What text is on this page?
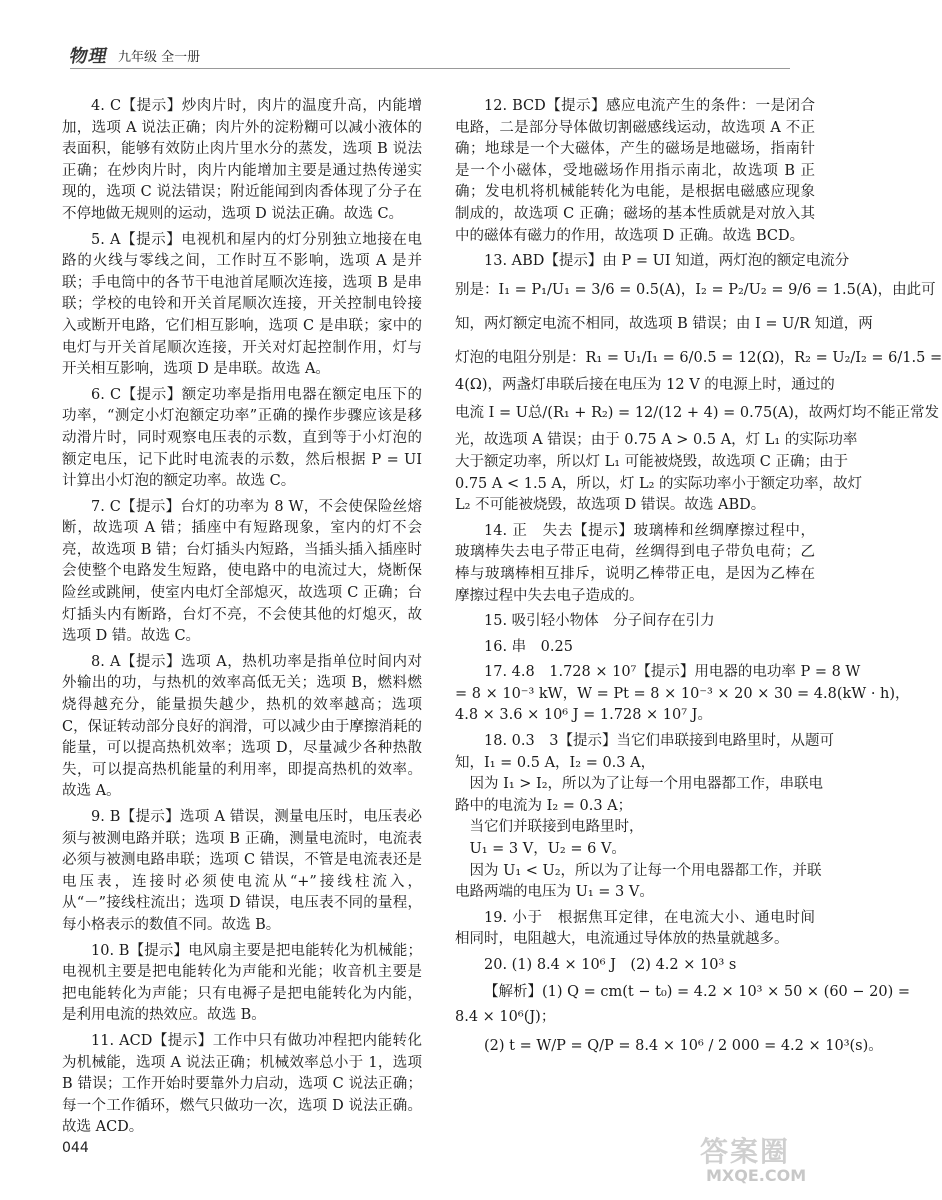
物理 九年级 全一册

4. C【提示】炒肉片时，肉片的温度升高，内能增加，选项 A 说法正确；肉片外的淀粉糊可以减小液体的表面积，能够有效防止肉片里水分的蒸发，选项 B 说法正确；在炒肉片时，肉片内能增加主要是通过热传递实现的，选项 C 说法错误；附近能闻到肉香体现了分子在不停地做无规则的运动，选项 D 说法正确。故选 C。

5. A【提示】电视机和屋内的灯分别独立地接在电路的火线与零线之间，工作时互不影响，选项 A 是并联；手电筒中的各节干电池首尾顺次连接，选项 B 是串联；学校的电铃和开关首尾顺次连接，开关控制电铃接入或断开电路，它们相互影响，选项 C 是串联；家中的电灯与开关首尾顺次连接，开关对灯起控制作用，灯与开关相互影响，选项 D 是串联。故选 A。

6. C【提示】额定功率是指用电器在额定电压下的功率，“测定小灯泡额定功率”正确的操作步骤应该是移动滑片时，同时观察电压表的示数，直到等于小灯泡的额定电压，记下此时电流表的示数，然后根据 P = UI 计算出小灯泡的额定功率。故选 C。

7. C【提示】台灯的功率为 8 W，不会使保险丝熔断，故选项 A 错；插座中有短路现象，室内的灯不会亮，故选项 B 错；台灯插头内短路，当插头插入插座时会使整个电路发生短路，使电路中的电流过大，烧断保险丝或跳闸，使室内电灯全部熄灭，故选项 C 正确；台灯插头内有断路，台灯不亮，不会使其他的灯熄灭，故选项 D 错。故选 C。

8. A【提示】选项 A，热机功率是指单位时间内对外输出的功，与热机的效率高低无关；选项 B，燃料燃烧得越充分，能量损失越少，热机的效率越高；选项 C，保证转动部分良好的润滑，可以减少由于摩擦消耗的能量，可以提高热机效率；选项 D，尽量减少各种热散失，可以提高热机能量的利用率，即提高热机的效率。故选 A。

9. B【提示】选项 A 错误，测量电压时，电压表必须与被测电路并联；选项 B 正确，测量电流时，电流表必须与被测电路串联；选项 C 错误，不管是电流表还是电压表，连接时必须使电流从“+”接线柱流入，从“－”接线柱流出；选项 D 错误，电压表不同的量程，每小格表示的数值不同。故选 B。

10. B【提示】电风扇主要是把电能转化为机械能；电视机主要是把电能转化为声能和光能；收音机主要是把电能转化为声能；只有电褥子是把电能转化为内能，是利用电流的热效应。故选 B。

11. ACD【提示】工作中只有做功冲程把内能转化为机械能，选项 A 说法正确；机械效率总小于 1，选项 B 错误；工作开始时要靠外力启动，选项 C 说法正确；每一个工作循环，燃气只做功一次，选项 D 说法正确。故选 ACD。

12. BCD【提示】感应电流产生的条件：一是闭合电路，二是部分导体做切割磁感线运动，故选项 A 不正确；地球是一个大磁体，产生的磁场是地磁场，指南针是一个小磁体，受地磁场作用指示南北，故选项 B 正确；发电机将机械能转化为电能，是根据电磁感应现象制成的，故选项 C 正确；磁场的基本性质就是对放入其中的磁体有磁力的作用，故选项 D 正确。故选 BCD。

13. ABD【提示】由 P = UI 知道，两灯泡的额定电流分

别是：I₁ = P₁/U₁ = 3/6 = 0.5(A)，I₂ = P₂/U₂ = 9/6 = 1.5(A)，由此可

知，两灯额定电流不相同，故选项 B 错误；由 I = U/R 知道，两

灯泡的电阻分别是：R₁ = U₁/I₁ = 6/0.5 = 12(Ω)，R₂ = U₂/I₂ = 6/1.5 =

4(Ω)，两盏灯串联后接在电压为 12 V 的电源上时，通过的

电流 I = U总/(R₁ + R₂) = 12/(12 + 4) = 0.75(A)，故两灯均不能正常发

光，故选项 A 错误；由于 0.75 A > 0.5 A，灯 L₁ 的实际功率

大于额定功率，所以灯 L₁ 可能被烧毁，故选项 C 正确；由于

0.75 A < 1.5 A，所以，灯 L₂ 的实际功率小于额定功率，故灯

L₂ 不可能被烧毁，故选项 D 错误。故选 ABD。

14. 正　失去【提示】玻璃棒和丝绸摩擦过程中，玻璃棒失去电子带正电荷，丝绸得到电子带负电荷；乙棒与玻璃棒相互排斥，说明乙棒带正电，是因为乙棒在摩擦过程中失去电子造成的。

15. 吸引轻小物体　分子间存在引力

16. 串　0.25

17. 4.8　1.728 × 10⁷【提示】用电器的电功率 P = 8 W

= 8 × 10⁻³ kW，W = Pt = 8 × 10⁻³ × 20 × 30 = 4.8(kW · h)，

4.8 × 3.6 × 10⁶ J = 1.728 × 10⁷ J。

18. 0.3　3【提示】当它们串联接到电路里时，从题可

知，I₁ = 0.5 A，I₂ = 0.3 A，

　因为 I₁ > I₂，所以为了让每一个用电器都工作，串联电

路中的电流为 I₂ = 0.3 A；

　当它们并联接到电路里时，

　U₁ = 3 V，U₂ = 6 V。

　因为 U₁ < U₂，所以为了让每一个用电器都工作，并联

电路两端的电压为 U₁ = 3 V。

19. 小于　根据焦耳定律，在电流大小、通电时间相同时，电阻越大，电流通过导体放的热量就越多。

20. (1) 8.4 × 10⁶ J　(2) 4.2 × 10³ s

【解析】(1) Q = cm(t − t₀) = 4.2 × 10³ × 50 × (60 − 20) =

8.4 × 10⁶(J)；

(2) t = W/P = Q/P = 8.4 × 10⁶ / 2 000 = 4.2 × 10³(s)。

044	答案圈
MXQE.COM
